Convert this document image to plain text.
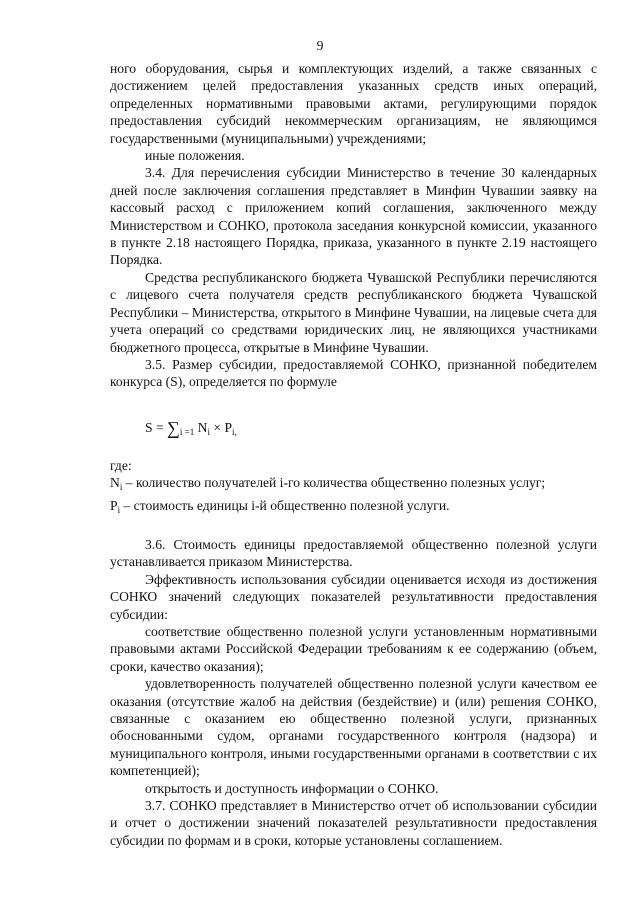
9

ного оборудования, сырья и комплектующих изделий, а также связанных с достижением целей предоставления указанных средств иных операций, определенных нормативными правовыми актами, регулирующими порядок предоставления субсидий некоммерческим организациям, не являющимся государственными (муниципальными) учреждениями;

иные положения.

3.4. Для перечисления субсидии Министерство в течение 30 календарных дней после заключения соглашения представляет в Минфин Чувашии заявку на кассовый расход с приложением копий соглашения, заключенного между Министерством и СОНКО, протокола заседания конкурсной комиссии, указанного в пункте 2.18 настоящего Порядка, приказа, указанного в пункте 2.19 настоящего Порядка.

Средства республиканского бюджета Чувашской Республики перечисляются с лицевого счета получателя средств республиканского бюджета Чувашской Республики – Министерства, открытого в Минфине Чувашии, на лицевые счета для учета операций со средствами юридических лиц, не являющихся участниками бюджетного процесса, открытые в Минфине Чувашии.

3.5. Размер субсидии, предоставляемой СОНКО, признанной победителем конкурса (S), определяется по формуле

$S = \sum_{i =1}$ $N_i \times P_{i,}$

где:

$N_i$ – количество получателей i-го количества общественно полезных услуг;

$P_i$ – стоимость единицы i-й общественно полезной услуги.

3.6. Стоимость единицы предоставляемой общественно полезной услуги устанавливается приказом Министерства.

Эффективность использования субсидии оценивается исходя из достижения СОНКО значений следующих показателей результативности предоставления субсидии:

соответствие общественно полезной услуги установленным нормативными правовыми актами Российской Федерации требованиям к ее содержанию (объем, сроки, качество оказания);

удовлетворенность получателей общественно полезной услуги качеством ее оказания (отсутствие жалоб на действия (бездействие) и (или) решения СОНКО, связанные с оказанием ею общественно полезной услуги, признанных обоснованными судом, органами государственного контроля (надзора) и муниципального контроля, иными государственными органами в соответствии с их компетенцией);

открытость и доступность информации о СОНКО.

3.7. СОНКО представляет в Министерство отчет об использовании субсидии и отчет о достижении значений показателей результативности предоставления субсидии по формам и в сроки, которые установлены соглашением.
